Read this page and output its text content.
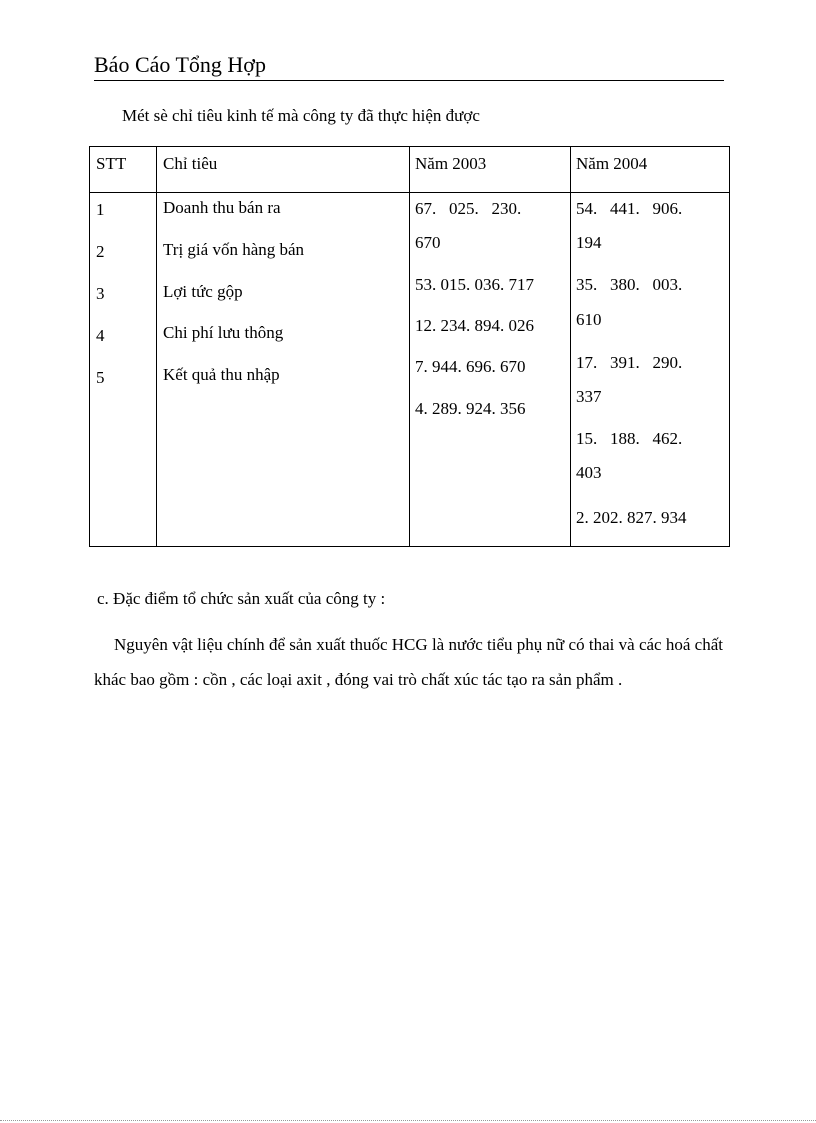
Báo Cáo Tổng Hợp
Mét sè chỉ tiêu kinh tế mà công ty đã thực hiện được
STT Chỉ tiêu	Năm 2003	Năm 2004
1
2
3
4
5
Doanh thu bán ra
Trị giá vốn hàng bán
Lợi tức gộp
Chi phí lưu thông
Kết quả thu nhập
67.   025.   230.
670
53. 015. 036. 717
12. 234. 894. 026
7. 944. 696. 670
4. 289. 924. 356
54.   441.   906.
194
35.   380.   003.
610
17.   391.   290.
337
15.   188.   462.
403
2. 202. 827. 934
c. Đặc điểm tổ chức sản xuất của công ty :
Nguyên vật liệu chính để sản xuất thuốc HCG là nước tiểu phụ nữ có thai và các hoá chất khác bao gồm : cồn , các loại axit , đóng vai trò chất xúc tác tạo ra sản phẩm .
